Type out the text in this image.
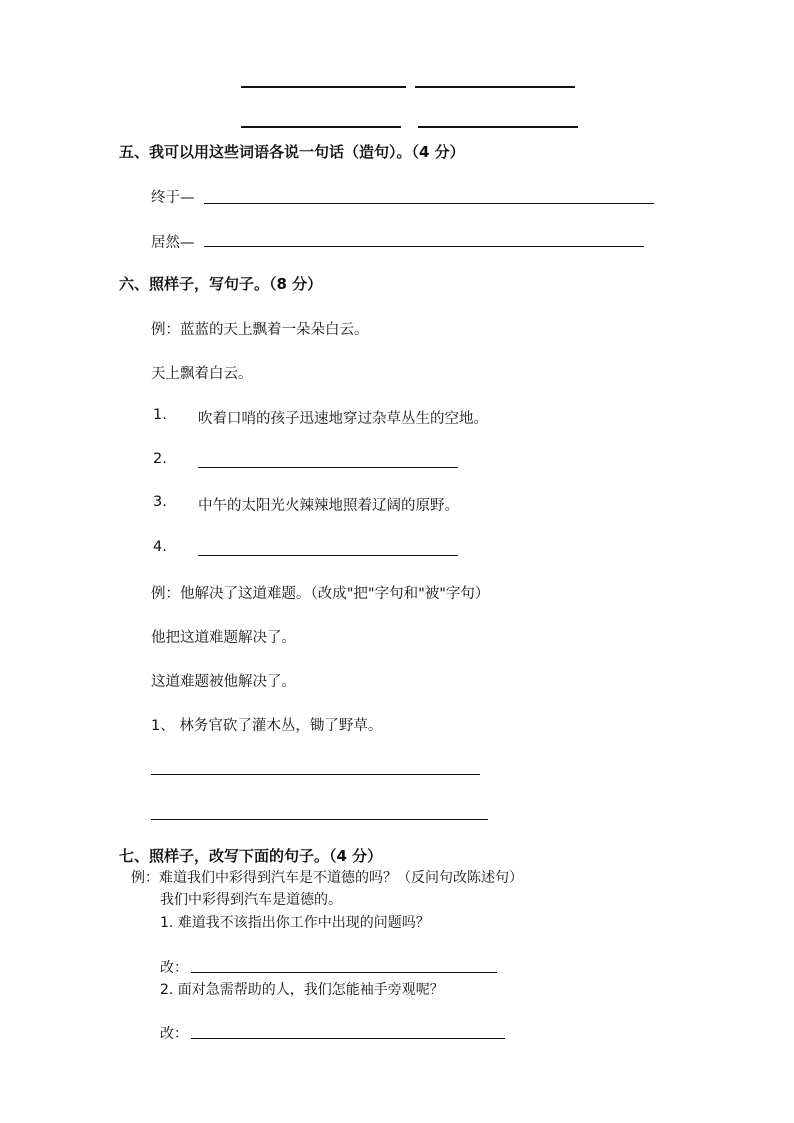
五、我可以用这些词语各说一句话（造句）。（4 分）
终于—
居然—
六、照样子，写句子。（8 分）
例：蓝蓝的天上飘着一朵朵白云。
天上飘着白云。
1. 吹着口哨的孩子迅速地穿过杂草丛生的空地。
2.
3. 中午的太阳光火辣辣地照着辽阔的原野。
4.
例：他解决了这道难题。（改成"把"字句和"被"字句）
他把这道难题解决了。
这道难题被他解决了。
1、 林务官砍了灌木丛，锄了野草。
七、照样子，改写下面的句子。（4 分）
例：难道我们中彩得到汽车是不道德的吗？（反问句改陈述句）
我们中彩得到汽车是道德的。
1. 难道我不该指出你工作中出现的问题吗？
改：
2. 面对急需帮助的人，我们怎能袖手旁观呢？
改：
